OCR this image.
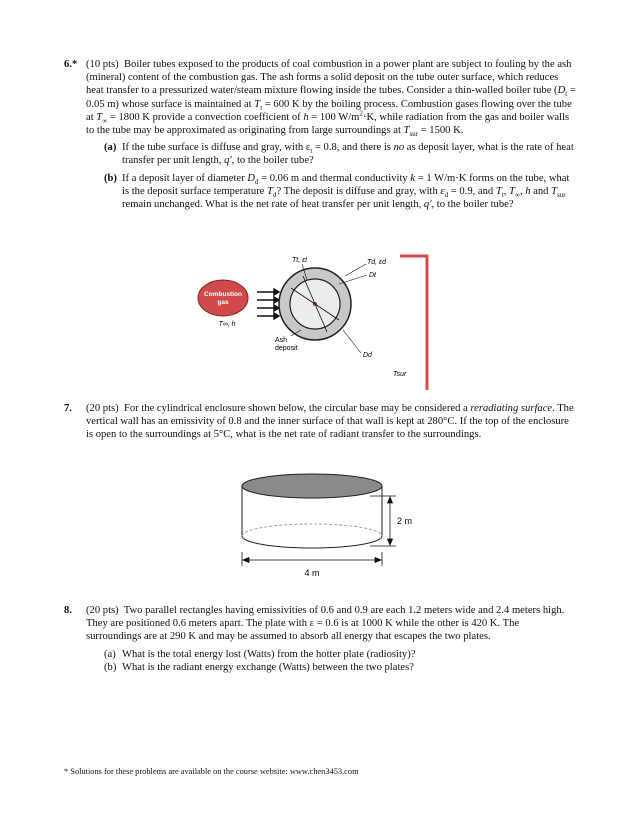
6.* (10 pts) Boiler tubes exposed to the products of coal combustion in a power plant are subject to fouling by the ash (mineral) content of the combustion gas. The ash forms a solid deposit on the tube outer surface, which reduces heat transfer to a pressurized water/steam mixture flowing inside the tubes. Consider a thin-walled boiler tube ($D_t = 0.05$ m) whose surface is maintained at $T_t = 600$ K by the boiling process. Combustion gases flowing over the tube at $T_\infty = 1800$ K provide a convection coefficient of h = 100 $W/m^2\cdot K$, while radiation from the gas and boiler walls to the tube may be approximated as originating from large surroundings at $T_{sur} = 1500$ K.
(a) If the tube surface is diffuse and gray, with $\varepsilon_t = 0.8$, and there is no as deposit layer, what is the rate of heat transfer per unit length, q', to the boiler tube?
(b) If a deposit layer of diameter $D_d = 0.06$ m and thermal conductivity k = 1 W/m·K forms on the tube, what is the deposit surface temperature $T_d$? The deposit is diffuse and gray, with $\varepsilon_d = 0.9$, and $T_t$, $T_\infty$, h and $T_{sur}$ remain unchanged. What is the net rate of heat transfer per unit length, q', to the boiler tube?
Combustion
gas
T∞, h
Tt, εt	Td, εd
Dt
Ash
deposit
Dd
Tsur
7. (20 pts) For the cylindrical enclosure shown below, the circular base may be considered a reradiating surface. The vertical wall has an emissivity of 0.8 and the inner surface of that wall is kept at 280°C. If the top of the enclosure is open to the surroundings at 5°C, what is the net rate of radiant transfer to the surroundings.
2 m
4 m
8. (20 pts) Two parallel rectangles having emissivities of 0.6 and 0.9 are each 1.2 meters wide and 2.4 meters high. They are positioned 0.6 meters apart. The plate with ε = 0.6 is at 1000 K while the other is 420 K. The surroundings are at 290 K and may be assumed to absorb all energy that escapes the two plates.
(a) What is the total energy lost (Watts) from the hotter plate (radiosity)?
(b) What is the radiant energy exchange (Watts) between the two plates?
* Solutions for these problems are available on the course website: www.chen3453.com
